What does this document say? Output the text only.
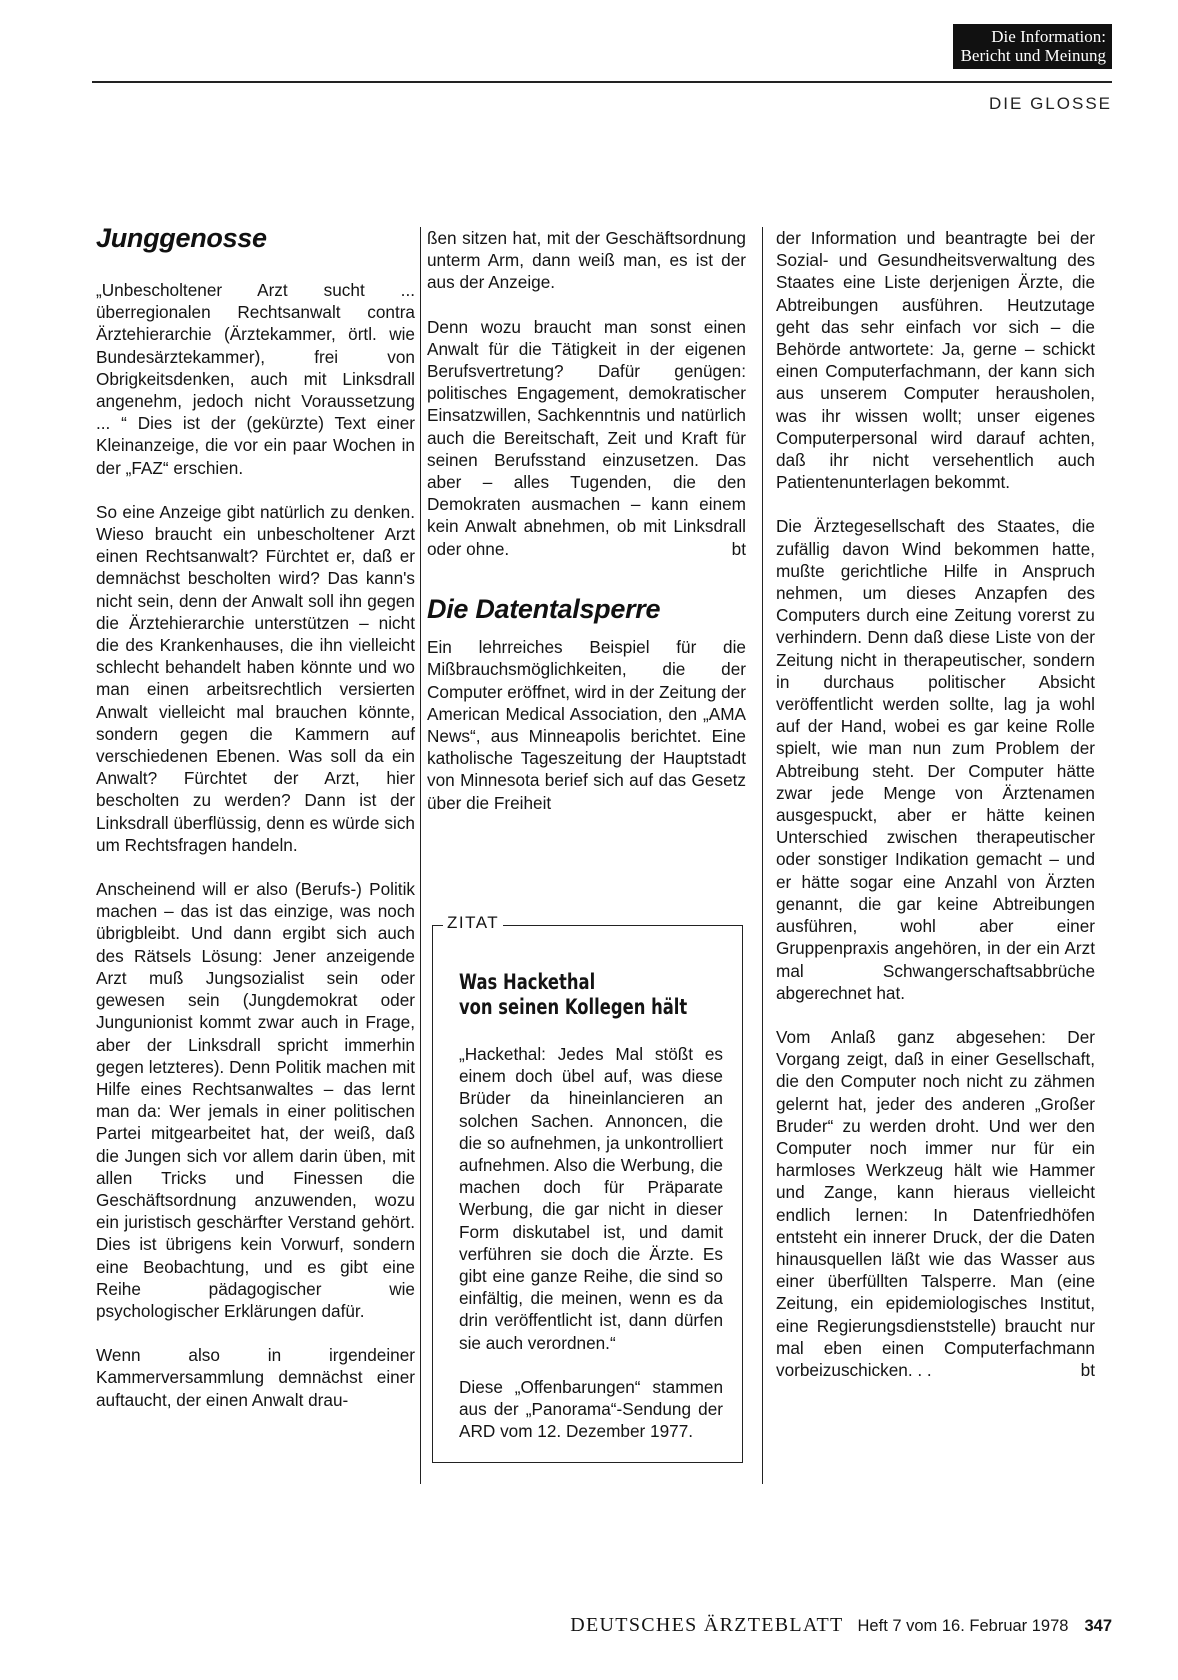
Die Information:
Bericht und Meinung
DIE GLOSSE
Junggenosse

„Unbescholtener Arzt sucht ... überregionalen Rechtsanwalt contra Ärztehierarchie (Ärztekammer, örtl. wie Bundesärztekammer), frei von Obrigkeitsdenken, auch mit Linksdrall angenehm, jedoch nicht Voraussetzung ... “ Dies ist der (gekürzte) Text einer Kleinanzeige, die vor ein paar Wochen in der „FAZ“ erschien.

So eine Anzeige gibt natürlich zu denken. Wieso braucht ein unbescholtener Arzt einen Rechtsanwalt? Fürchtet er, daß er demnächst bescholten wird? Das kann's nicht sein, denn der Anwalt soll ihn gegen die Ärztehierarchie unterstützen – nicht die des Krankenhauses, die ihn vielleicht schlecht behandelt haben könnte und wo man einen arbeitsrechtlich versierten Anwalt vielleicht mal brauchen könnte, sondern gegen die Kammern auf verschiedenen Ebenen. Was soll da ein Anwalt? Fürchtet der Arzt, hier bescholten zu werden? Dann ist der Linksdrall überflüssig, denn es würde sich um Rechtsfragen handeln.

Anscheinend will er also (Berufs-) Politik machen – das ist das einzige, was noch übrigbleibt. Und dann ergibt sich auch des Rätsels Lösung: Jener anzeigende Arzt muß Jungsozialist sein oder gewesen sein (Jungdemokrat oder Jungunionist kommt zwar auch in Frage, aber der Linksdrall spricht immerhin gegen letzteres). Denn Politik machen mit Hilfe eines Rechtsanwaltes – das lernt man da: Wer jemals in einer politischen Partei mitgearbeitet hat, der weiß, daß die Jungen sich vor allem darin üben, mit allen Tricks und Finessen die Geschäftsordnung anzuwenden, wozu ein juristisch geschärfter Verstand gehört. Dies ist übrigens kein Vorwurf, sondern eine Beobachtung, und es gibt eine Reihe pädagogischer wie psychologischer Erklärungen dafür.

Wenn also in irgendeiner Kammerversammlung demnächst einer auftaucht, der einen Anwalt drau-

ßen sitzen hat, mit der Geschäftsordnung unterm Arm, dann weiß man, es ist der aus der Anzeige.

Denn wozu braucht man sonst einen Anwalt für die Tätigkeit in der eigenen Berufsvertretung? Dafür genügen: politisches Engagement, demokratischer Einsatzwillen, Sachkenntnis und natürlich auch die Bereitschaft, Zeit und Kraft für seinen Berufsstand einzusetzen. Das aber – alles Tugenden, die den Demokraten ausmachen – kann einem kein Anwalt abnehmen, ob mit Linksdrall oder ohne.	bt
Die Datentalsperre

Ein lehrreiches Beispiel für die Mißbrauchsmöglichkeiten, die der Computer eröffnet, wird in der Zeitung der American Medical Association, den „AMA News“, aus Minneapolis berichtet. Eine katholische Tageszeitung der Hauptstadt von Minnesota berief sich auf das Gesetz über die Freiheit

ZITAT
Was Hackethal
von seinen Kollegen hält

„Hackethal: Jedes Mal stößt es einem doch übel auf, was diese Brüder da hineinlancieren an solchen Sachen. Annoncen, die die so aufnehmen, ja unkontrolliert aufnehmen. Also die Werbung, die machen doch für Präparate Werbung, die gar nicht in dieser Form diskutabel ist, und damit verführen sie doch die Ärzte. Es gibt eine ganze Reihe, die sind so einfältig, die meinen, wenn es da drin veröffentlicht ist, dann dürfen sie auch verordnen.“

Diese „Offenbarungen“ stammen aus der „Panorama“-Sendung der ARD vom 12. Dezember 1977.

der Information und beantragte bei der Sozial- und Gesundheitsverwaltung des Staates eine Liste derjenigen Ärzte, die Abtreibungen ausführen. Heutzutage geht das sehr einfach vor sich – die Behörde antwortete: Ja, gerne – schickt einen Computerfachmann, der kann sich aus unserem Computer herausholen, was ihr wissen wollt; unser eigenes Computerpersonal wird darauf achten, daß ihr nicht versehentlich auch Patientenunterlagen bekommt.

Die Ärztegesellschaft des Staates, die zufällig davon Wind bekommen hatte, mußte gerichtliche Hilfe in Anspruch nehmen, um dieses Anzapfen des Computers durch eine Zeitung vorerst zu verhindern. Denn daß diese Liste von der Zeitung nicht in therapeutischer, sondern in durchaus politischer Absicht veröffentlicht werden sollte, lag ja wohl auf der Hand, wobei es gar keine Rolle spielt, wie man nun zum Problem der Abtreibung steht. Der Computer hätte zwar jede Menge von Ärztenamen ausgespuckt, aber er hätte keinen Unterschied zwischen therapeutischer oder sonstiger Indikation gemacht – und er hätte sogar eine Anzahl von Ärzten genannt, die gar keine Abtreibungen ausführen, wohl aber einer Gruppenpraxis angehören, in der ein Arzt mal Schwangerschaftsabbrüche abgerechnet hat.

Vom Anlaß ganz abgesehen: Der Vorgang zeigt, daß in einer Gesellschaft, die den Computer noch nicht zu zähmen gelernt hat, jeder des anderen „Großer Bruder“ zu werden droht. Und wer den Computer noch immer nur für ein harmloses Werkzeug hält wie Hammer und Zange, kann hieraus vielleicht endlich lernen: In Datenfriedhöfen entsteht ein innerer Druck, der die Daten hinausquellen läßt wie das Wasser aus einer überfüllten Talsperre. Man (eine Zeitung, ein epidemiologisches Institut, eine Regierungsdienststelle) braucht nur mal eben einen Computerfachmann vorbeizuschicken. . .	bt
DEUTSCHES ÄRZTEBLATT Heft 7 vom 16. Februar 1978 347
